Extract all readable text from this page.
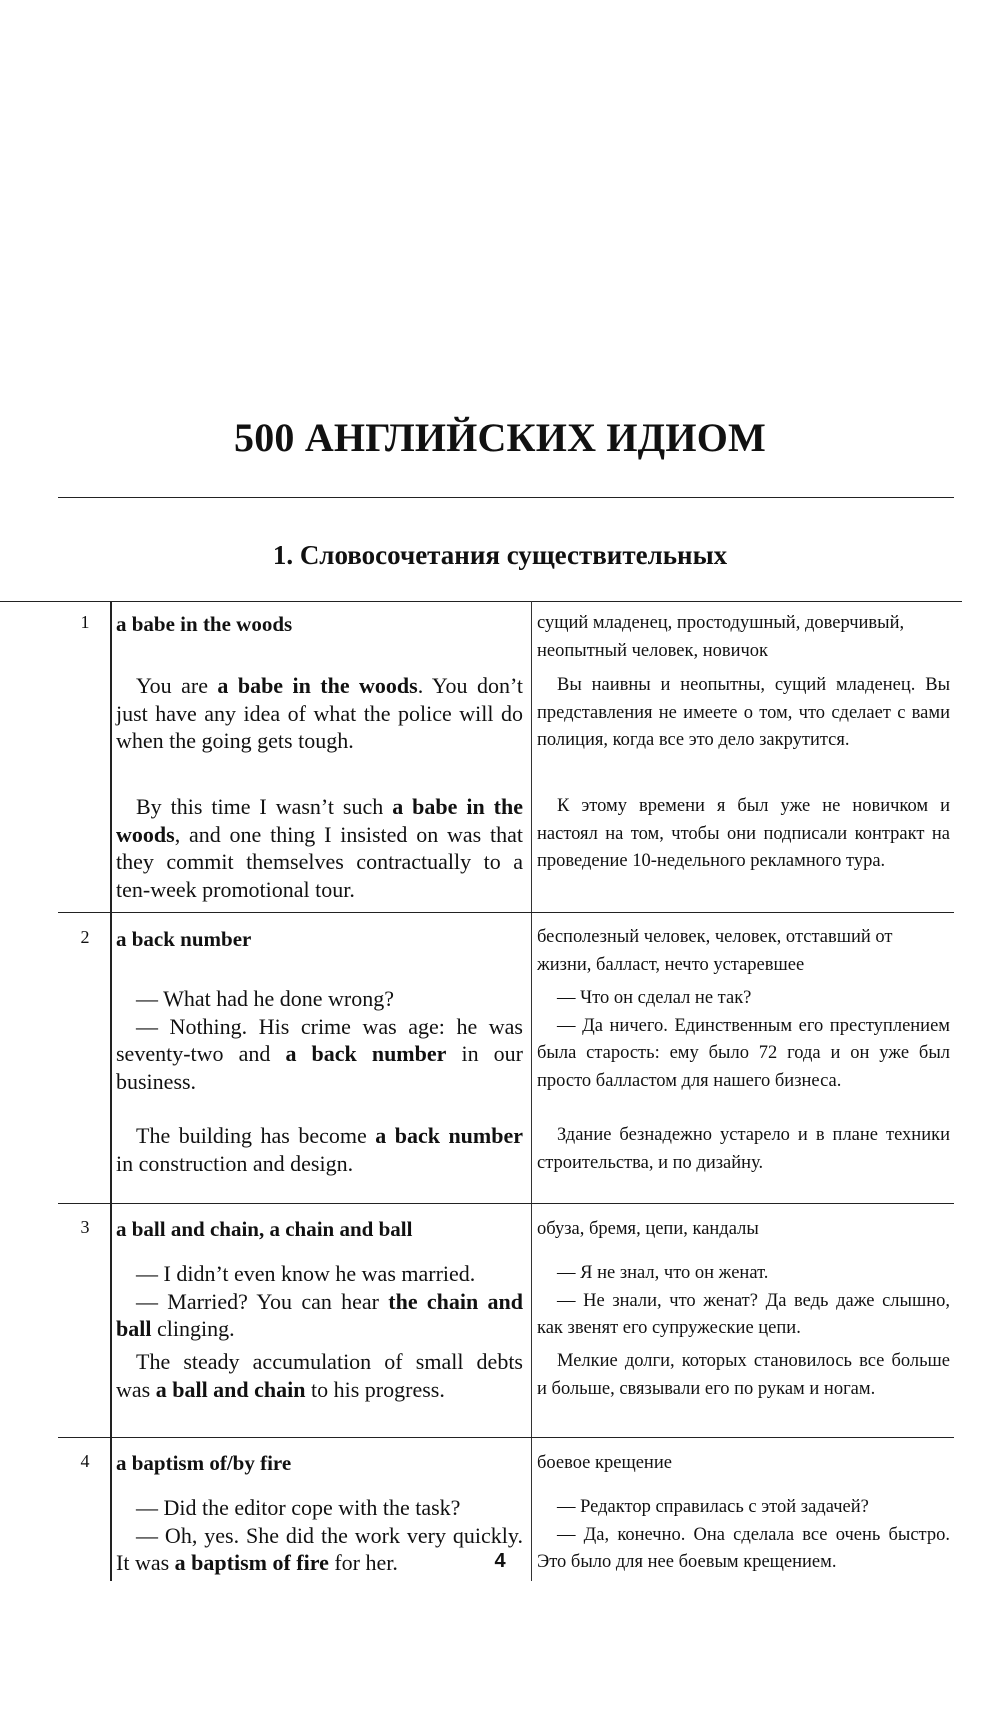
500 АНГЛИЙСКИХ ИДИОМ
1. Словосочетания существительных
1	a babe in the woods	сущий младенец, простодушный, доверчивый, неопытный человек, новичок

You are a babe in the woods. You don’t just have any idea of what the police will do when the going gets tough.

Вы наивны и неопытны, сущий младенец. Вы представления не имеете о том, что сделает с вами полиция, когда все это дело закрутится.

By this time I wasn’t such a babe in the woods, and one thing I insisted on was that they commit themselves contractually to a ten-week promotional tour.

К этому времени я был уже не новичком и настоял на том, чтобы они подписали контракт на проведение 10-недельного рекламного тура.

2	a back number	бесполезный человек, человек, отставший от жизни, балласт, нечто устаревшее

— What had he done wrong?

— Nothing. His crime was age: he was seventy-two and a back number in our business.

— Что он сделал не так?

— Да ничего. Единственным его преступлением была старость: ему было 72 года и он уже был просто балластом для нашего бизнеса.

The building has become a back number in construction and design.

Здание безнадежно устарело и в плане техники строительства, и по дизайну.

3	a ball and chain, a chain and ball	обуза, бремя, цепи, кандалы

— I didn’t even know he was married.

— Married? You can hear the chain and ball clinging.

— Я не знал, что он женат.

— Не знали, что женат? Да ведь даже слышно, как звенят его супружеские цепи.

The steady accumulation of small debts was a ball and chain to his progress.

Мелкие долги, которых становилось все больше и больше, связывали его по рукам и ногам.

4	a baptism of/by fire	боевое крещение

— Did the editor cope with the task?

— Oh, yes. She did the work very quickly. It was a baptism of fire for her.

— Редактор справилась с этой задачей?

— Да, конечно. Она сделала все очень быстро. Это было для нее боевым крещением.

4
